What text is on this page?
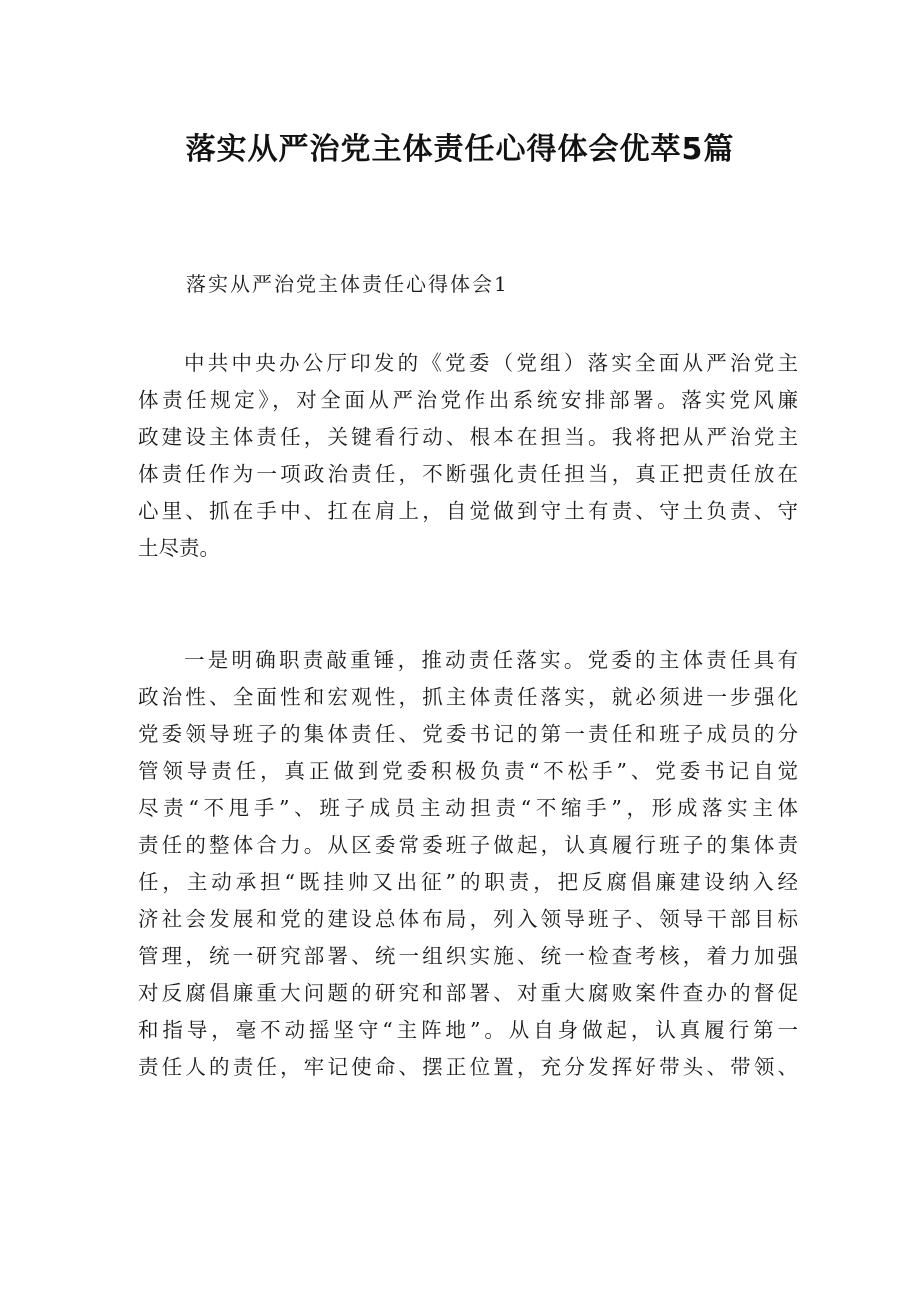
落实从严治党主体责任心得体会优萃5篇
落实从严治党主体责任心得体会1
中共中央办公厅印发的《党委（党组）落实全面从严治党主
体责任规定》，对全面从严治党作出系统安排部署。落实党风廉
政建设主体责任，关键看行动、根本在担当。我将把从严治党主
体责任作为一项政治责任，不断强化责任担当，真正把责任放在
心里、抓在手中、扛在肩上，自觉做到守土有责、守土负责、守
土尽责。
一是明确职责敲重锤，推动责任落实。党委的主体责任具有
政治性、全面性和宏观性，抓主体责任落实，就必须进一步强化
党委领导班子的集体责任、党委书记的第一责任和班子成员的分
管领导责任，真正做到党委积极负责“不松手”、党委书记自觉
尽责“不甩手”、班子成员主动担责“不缩手”，形成落实主体
责任的整体合力。从区委常委班子做起，认真履行班子的集体责
任，主动承担“既挂帅又出征”的职责，把反腐倡廉建设纳入经
济社会发展和党的建设总体布局，列入领导班子、领导干部目标
管理，统一研究部署、统一组织实施、统一检查考核，着力加强
对反腐倡廉重大问题的研究和部署、对重大腐败案件查办的督促
和指导，毫不动摇坚守“主阵地”。从自身做起，认真履行第一
责任人的责任，牢记使命、摆正位置，充分发挥好带头、带领、
